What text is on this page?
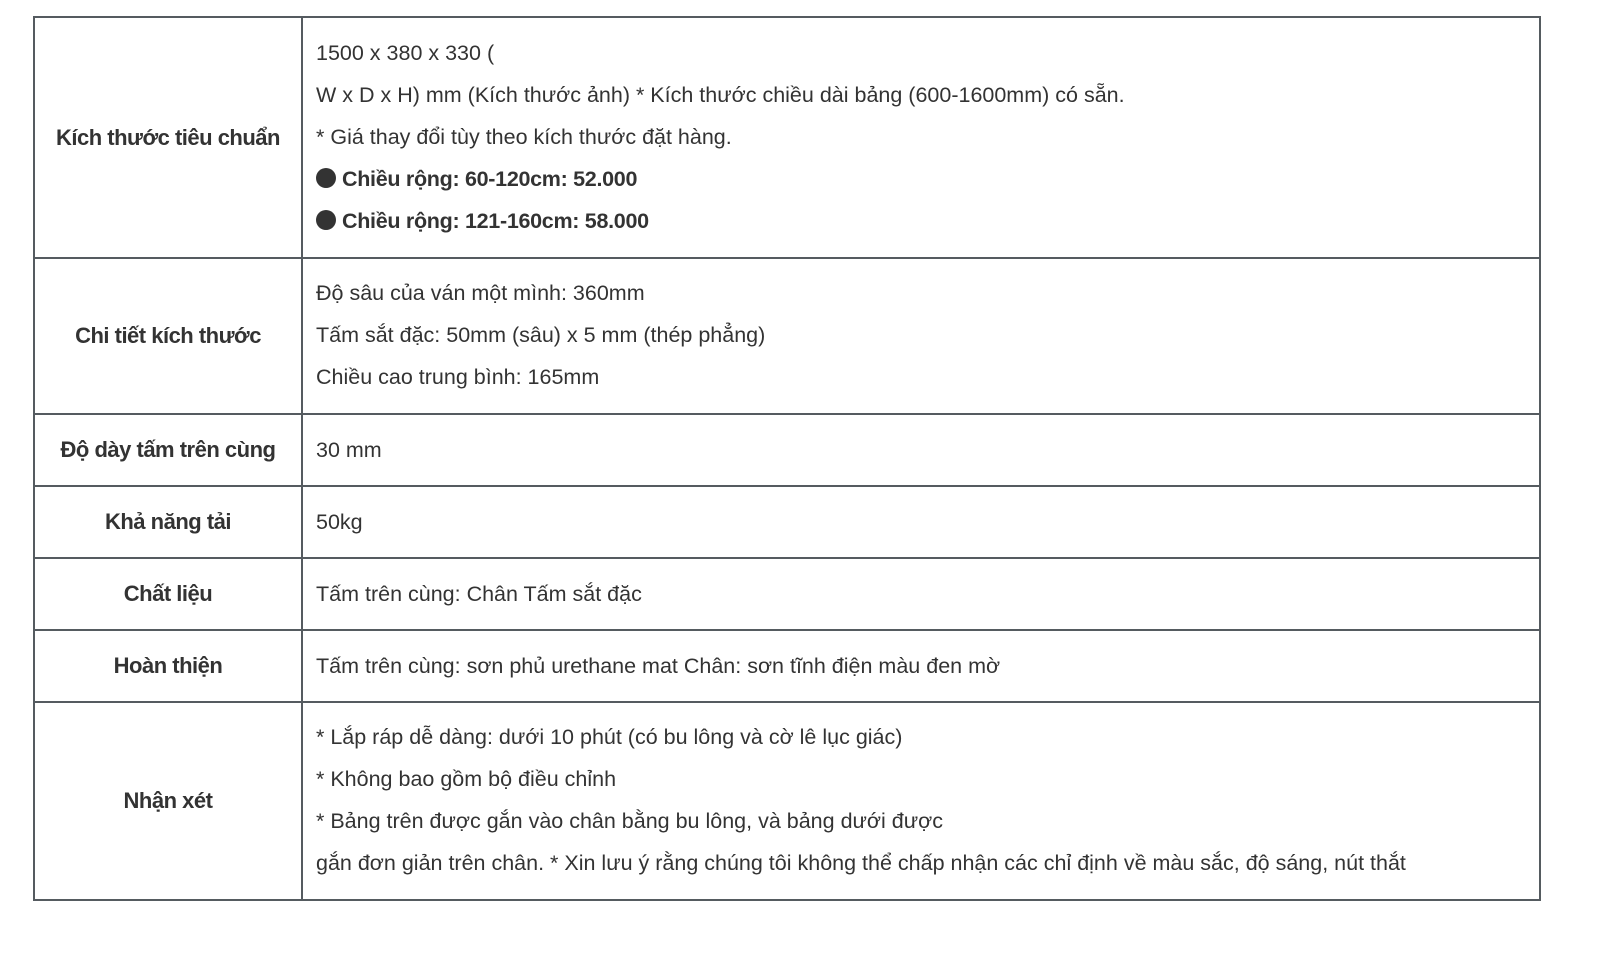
Kích thước tiêu chuẩn	1500 x 380 x 330 (
W x D x H) mm (Kích thước ảnh) * Kích thước chiều dài bảng (600-1600mm) có sẵn.
* Giá thay đổi tùy theo kích thước đặt hàng.
Chiều rộng: 60-120cm: 52.000
Chiều rộng: 121-160cm: 58.000

Chi tiết kích thước	Độ sâu của ván một mình: 360mm
Tấm sắt đặc: 50mm (sâu) x 5 mm (thép phẳng)
Chiều cao trung bình: 165mm

Độ dày tấm trên cùng	30 mm

Khả năng tải	50kg

Chất liệu	Tấm trên cùng: Chân Tấm sắt đặc

Hoàn thiện	Tấm trên cùng: sơn phủ urethane mat Chân: sơn tĩnh điện màu đen mờ

Nhận xét	* Lắp ráp dễ dàng: dưới 10 phút (có bu lông và cờ lê lục giác)
* Không bao gồm bộ điều chỉnh
* Bảng trên được gắn vào chân bằng bu lông, và bảng dưới được
gắn đơn giản trên chân. * Xin lưu ý rằng chúng tôi không thể chấp nhận các chỉ định về màu sắc, độ sáng, nút thắt
